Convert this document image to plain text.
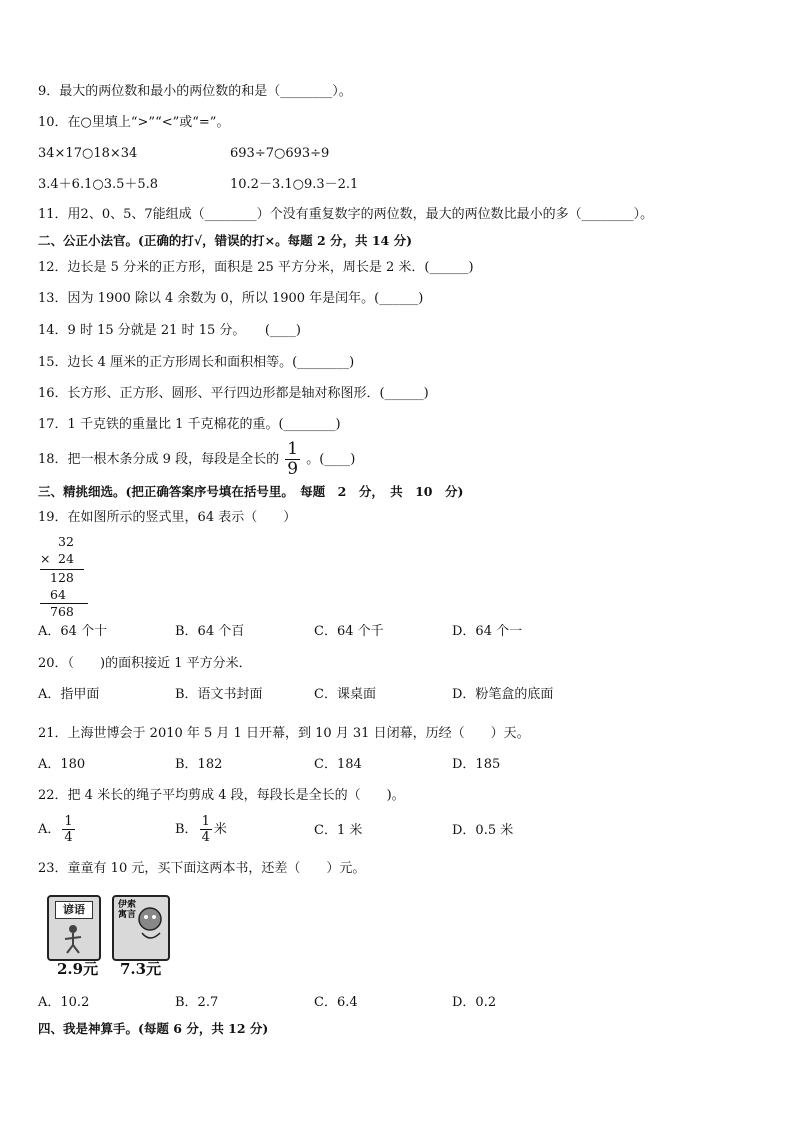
9．最大的两位数和最小的两位数的和是（________）。
10．在○里填上“>”“<”或“=”。
34×17○18×34	693÷7○693÷9
3.4＋6.1○3.5＋5.8	10.2－3.1○9.3－2.1
11．用2、0、5、7能组成（________）个没有重复数字的两位数，最大的两位数比最小的多（________）。
二、公正小法官。(正确的打√，错误的打×。每题 2 分，共 14 分)
12．边长是 5 分米的正方形，面积是 25 平方分米，周长是 2 米．(______)
13．因为 1900 除以 4 余数为 0，所以 1900 年是闰年。(______)
14．9 时 15 分就是 21 时 15 分。　　(____)
15．边长 4 厘米的正方形周长和面积相等。(________)
16．长方形、正方形、圆形、平行四边形都是轴对称图形．(______)
17．1 千克铁的重量比 1 千克棉花的重。(________)
18．把一根木条分成 9 段，每段是全长的 $\frac{1}{9}$ 。(____)
三、精挑细选。(把正确答案序号填在括号里。　每题　2　分，　共　10　分)
19．在如图所示的竖式里，64 表示（　　）
32
× 24
128
64
768
A．64 个十	B．64 个百	C．64 个千	D．64 个一
20．（　　)的面积接近 1 平方分米．
A．指甲面	B．语文书封面	C．课桌面	D．粉笔盒的底面
21．上海世博会于 2010 年 5 月 1 日开幕，到 10 月 31 日闭幕，历经（　　）天。
A．180	B．182	C．184	D．185
22．把 4 米长的绳子平均剪成 4 段，每段长是全长的（　　)。
A． $\frac{1}{4}$	B． $\frac{1}{4}$ 米	C．1 米	D．0.5 米
23．童童有 10 元，买下面这两本书，还差（　　）元。
谚语	伊索寓言
2.9元 7.3元
A．10.2	B．2.7	C．6.4	D．0.2
四、我是神算手。(每题 6 分，共 12 分)
